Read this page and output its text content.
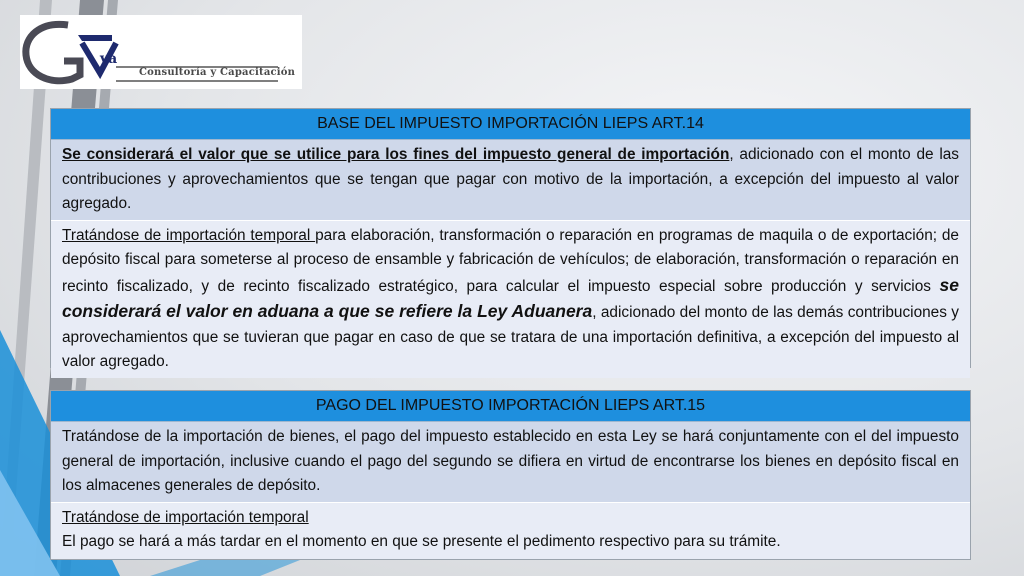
va
Consultoría y Capacitación
BASE DEL IMPUESTO IMPORTACIÓN LIEPS ART.14
Se considerará el valor que se utilice para los fines del impuesto general de importación, adicionado con el monto de las contribuciones y aprovechamientos que se tengan que pagar con motivo de la importación, a excepción del impuesto al valor agregado.
Tratándose de importación temporal para elaboración, transformación o reparación en programas de maquila o de exportación; de depósito fiscal para someterse al proceso de ensamble y fabricación de vehículos; de elaboración, transformación o reparación en recinto fiscalizado, y de recinto fiscalizado estratégico, para calcular el impuesto especial sobre producción y servicios se considerará el valor en aduana a que se refiere la Ley Aduanera, adicionado del monto de las demás contribuciones y aprovechamientos que se tuvieran que pagar en caso de que se tratara de una importación definitiva, a excepción del impuesto al valor agregado.
PAGO DEL IMPUESTO IMPORTACIÓN LIEPS ART.15
Tratándose de la importación de bienes, el pago del impuesto establecido en esta Ley se hará conjuntamente con el del impuesto general de importación, inclusive cuando el pago del segundo se difiera en virtud de encontrarse los bienes en depósito fiscal en los almacenes generales de depósito.
Tratándose de importación temporal
El pago se hará a más tardar en el momento en que se presente el pedimento respectivo para su trámite.
